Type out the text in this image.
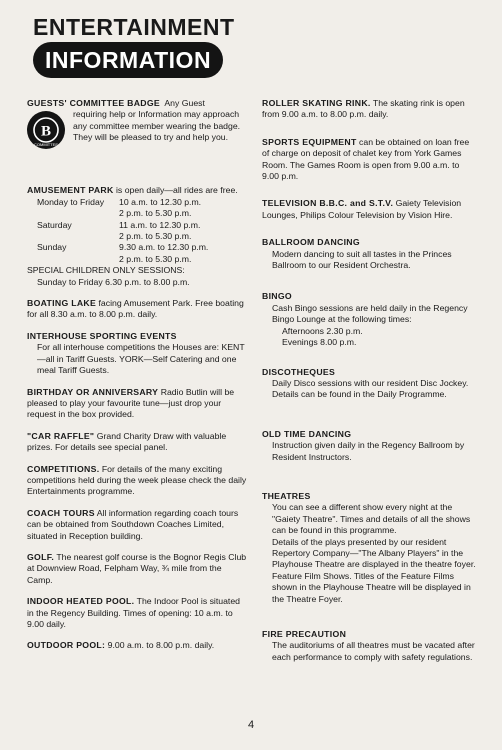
ENTERTAINMENT
INFORMATION
GUESTS' COMMITTEE BADGE Any Guest
B
COMMITTEE
requiring help or Information may approach any committee member wearing the badge. They will be pleased to try and help you.
AMUSEMENT PARK is open daily—all rides are free.
Monday to Friday	10 a.m. to 12.30 p.m.
2 p.m. to 5.30 p.m.
Saturday	11 a.m. to 12.30 p.m.
2 p.m. to 5.30 p.m.
Sunday	9.30 a.m. to 12.30 p.m.
2 p.m. to 5.30 p.m.
SPECIAL CHILDREN ONLY SESSIONS:
Sunday to Friday 6.30 p.m. to 8.00 p.m.
BOATING LAKE facing Amusement Park. Free boating for all 8.30 a.m. to 8.00 p.m. daily.
INTERHOUSE SPORTING EVENTS
For all interhouse competitions the Houses are: KENT—all in Tariff Guests. YORK—Self Catering and one meal Tariff Guests.
BIRTHDAY OR ANNIVERSARY Radio Butlin will be pleased to play your favourite tune—just drop your request in the box provided.
"CAR RAFFLE" Grand Charity Draw with valuable prizes. For details see special panel.
COMPETITIONS. For details of the many exciting competitions held during the week please check the daily Entertainments programme.
COACH TOURS All information regarding coach tours can be obtained from Southdown Coaches Limited, situated in Reception building.
GOLF. The nearest golf course is the Bognor Regis Club at Downview Road, Felpham Way, ¾ mile from the Camp.
INDOOR HEATED POOL. The Indoor Pool is situated in the Regency Building. Times of opening: 10 a.m. to 9.00 daily.
OUTDOOR POOL: 9.00 a.m. to 8.00 p.m. daily.
ROLLER SKATING RINK. The skating rink is open from 9.00 a.m. to 8.00 p.m. daily.
SPORTS EQUIPMENT can be obtained on loan free of charge on deposit of chalet key from York Games Room. The Games Room is open from 9.00 a.m. to 9.00 p.m.
TELEVISION B.B.C. and S.T.V. Gaiety Television Lounges, Philips Colour Television by Vision Hire.
BALLROOM DANCING
Modern dancing to suit all tastes in the Princes Ballroom to our Resident Orchestra.
BINGO
Cash Bingo sessions are held daily in the Regency Bingo Lounge at the following times:
Afternoons 2.30 p.m.
Evenings 8.00 p.m.
DISCOTHEQUES
Daily Disco sessions with our resident Disc Jockey. Details can be found in the Daily Programme.
OLD TIME DANCING
Instruction given daily in the Regency Ballroom by Resident Instructors.
THEATRES
You can see a different show every night at the "Gaiety Theatre". Times and details of all the shows can be found in this programme.
Details of the plays presented by our resident Repertory Company—"The Albany Players" in the Playhouse Theatre are displayed in the theatre foyer.
Feature Film Shows. Titles of the Feature Films shown in the Playhouse Theatre will be displayed in the Theatre Foyer.
FIRE PRECAUTION
The auditoriums of all theatres must be vacated after each performance to comply with safety regulations.
4
